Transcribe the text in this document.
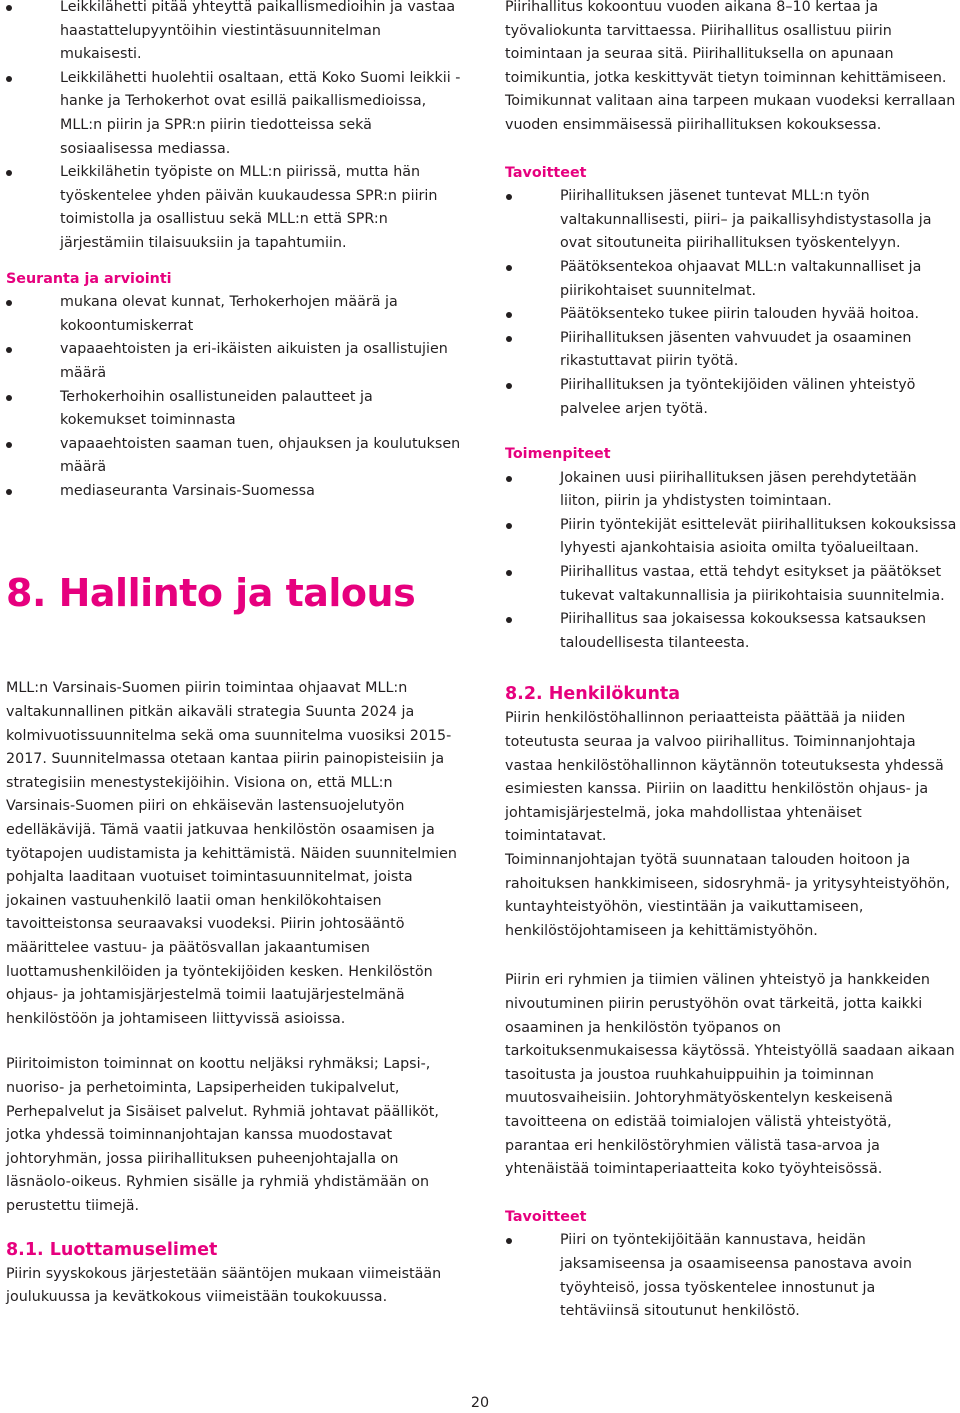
Leikkilähetti pitää yhteyttä paikallismedioihin ja vastaa haastattelupyyntöihin viestintäsuunnitelman mukaisesti.
Leikkilähetti huolehtii osaltaan, että Koko Suomi leikkii -hanke ja Terhokerhot ovat esillä paikallismedioissa, MLL:n piirin ja SPR:n piirin tiedotteissa sekä sosiaalisessa mediassa.
Leikkilähetin työpiste on MLL:n piirissä, mutta hän työskentelee yhden päivän kuukaudessa SPR:n piirin toimistolla ja osallistuu sekä MLL:n että SPR:n järjestämiin tilaisuuksiin ja tapahtumiin.

Seuranta ja arviointi

mukana olevat kunnat, Terhokerhojen määrä ja kokoontumiskerrat
vapaaehtoisten ja eri-ikäisten aikuisten ja osallistujien määrä
Terhokerhoihin osallistuneiden palautteet ja kokemukset toiminnasta
vapaaehtoisten saaman tuen, ohjauksen ja koulutuksen määrä
mediaseuranta Varsinais-Suomessa

8. Hallinto ja talous

MLL:n Varsinais-Suomen piirin toimintaa ohjaavat MLL:n valtakunnallinen pitkän aikaväli strategia Suunta 2024 ja kolmivuotissuunnitelma sekä oma suunnitelma vuosiksi 2015-2017. Suunnitelmassa otetaan kantaa piirin painopisteisiin ja strategisiin menestystekijöihin. Visiona on, että MLL:n Varsinais-Suomen piiri on ehkäisevän lastensuojelutyön edelläkävijä. Tämä vaatii jatkuvaa henkilöstön osaamisen ja työtapojen uudistamista ja kehittämistä. Näiden suunnitelmien pohjalta laaditaan vuotuiset toimintasuunnitelmat, joista jokainen vastuuhenkilö laatii oman henkilökohtaisen tavoitteistonsa seuraavaksi vuodeksi. Piirin johtosääntö määrittelee vastuu- ja päätösvallan jakaantumisen luottamushenkilöiden ja työntekijöiden kesken. Henkilöstön ohjaus- ja johtamisjärjestelmä toimii laatujärjestelmänä henkilöstöön ja johtamiseen liittyvissä asioissa.

Piiritoimiston toiminnat on koottu neljäksi ryhmäksi; Lapsi-, nuoriso- ja perhetoiminta, Lapsiperheiden tukipalvelut, Perhepalvelut ja Sisäiset palvelut. Ryhmiä johtavat päälliköt, jotka yhdessä toiminnanjohtajan kanssa muodostavat johtoryhmän, jossa piirihallituksen puheenjohtajalla on läsnäolo-oikeus. Ryhmien sisälle ja ryhmiä yhdistämään on perustettu tiimejä.

8.1. Luottamuselimet

Piirin syyskokous järjestetään sääntöjen mukaan viimeistään joulukuussa ja kevätkokous viimeistään toukokuussa.

Piirihallitus kokoontuu vuoden aikana 8–10 kertaa ja työvaliokunta tarvittaessa. Piirihallitus osallistuu piirin toimintaan ja seuraa sitä. Piirihallituksella on apunaan toimikuntia, jotka keskittyvät tietyn toiminnan kehittämiseen. Toimikunnat valitaan aina tarpeen mukaan vuodeksi kerrallaan vuoden ensimmäisessä piirihallituksen kokouksessa.

Tavoitteet

Piirihallituksen jäsenet tuntevat MLL:n työn valtakunnallisesti, piiri– ja paikallisyhdistystasolla ja ovat sitoutuneita piirihallituksen työskentelyyn.
Päätöksentekoa ohjaavat MLL:n valtakunnalliset ja piirikohtaiset suunnitelmat.
Päätöksenteko tukee piirin talouden hyvää hoitoa.
Piirihallituksen jäsenten vahvuudet ja osaaminen rikastuttavat piirin työtä.
Piirihallituksen ja työntekijöiden välinen yhteistyö palvelee arjen työtä.

Toimenpiteet

Jokainen uusi piirihallituksen jäsen perehdytetään liiton, piirin ja yhdistysten toimintaan.
Piirin työntekijät esittelevät piirihallituksen kokouksissa lyhyesti ajankohtaisia asioita omilta työalueiltaan.
Piirihallitus vastaa, että tehdyt esitykset ja päätökset tukevat valtakunnallisia ja piirikohtaisia suunnitelmia.
Piirihallitus saa jokaisessa kokouksessa katsauksen taloudellisesta tilanteesta.

8.2. Henkilökunta

Piirin henkilöstöhallinnon periaatteista päättää ja niiden toteutusta seuraa ja valvoo piirihallitus. Toiminnanjohtaja vastaa henkilöstöhallinnon käytännön toteutuksesta yhdessä esimiesten kanssa. Piiriin on laadittu henkilöstön ohjaus- ja johtamisjärjestelmä, joka mahdollistaa yhtenäiset toimintatavat.

Toiminnanjohtajan työtä suunnataan talouden hoitoon ja rahoituksen hankkimiseen, sidosryhmä- ja yritysyhteistyöhön, kuntayhteistyöhön, viestintään ja vaikuttamiseen, henkilöstöjohtamiseen ja kehittämistyöhön.

Piirin eri ryhmien ja tiimien välinen yhteistyö ja hankkeiden nivoutuminen piirin perustyöhön ovat tärkeitä, jotta kaikki osaaminen ja henkilöstön työpanos on tarkoituksenmukaisessa käytössä. Yhteistyöllä saadaan aikaan tasoitusta ja joustoa ruuhkahuippuihin ja toiminnan muutosvaiheisiin. Johtoryhmätyöskentelyn keskeisenä tavoitteena on edistää toimialojen välistä yhteistyötä, parantaa eri henkilöstöryhmien välistä tasa-arvoa ja yhtenäistää toimintaperiaatteita koko työyhteisössä.

Tavoitteet

Piiri on työntekijöitään kannustava, heidän jaksamiseensa ja osaamiseensa panostava avoin työyhteisö, jossa työskentelee innostunut ja tehtäviinsä sitoutunut henkilöstö.
20
